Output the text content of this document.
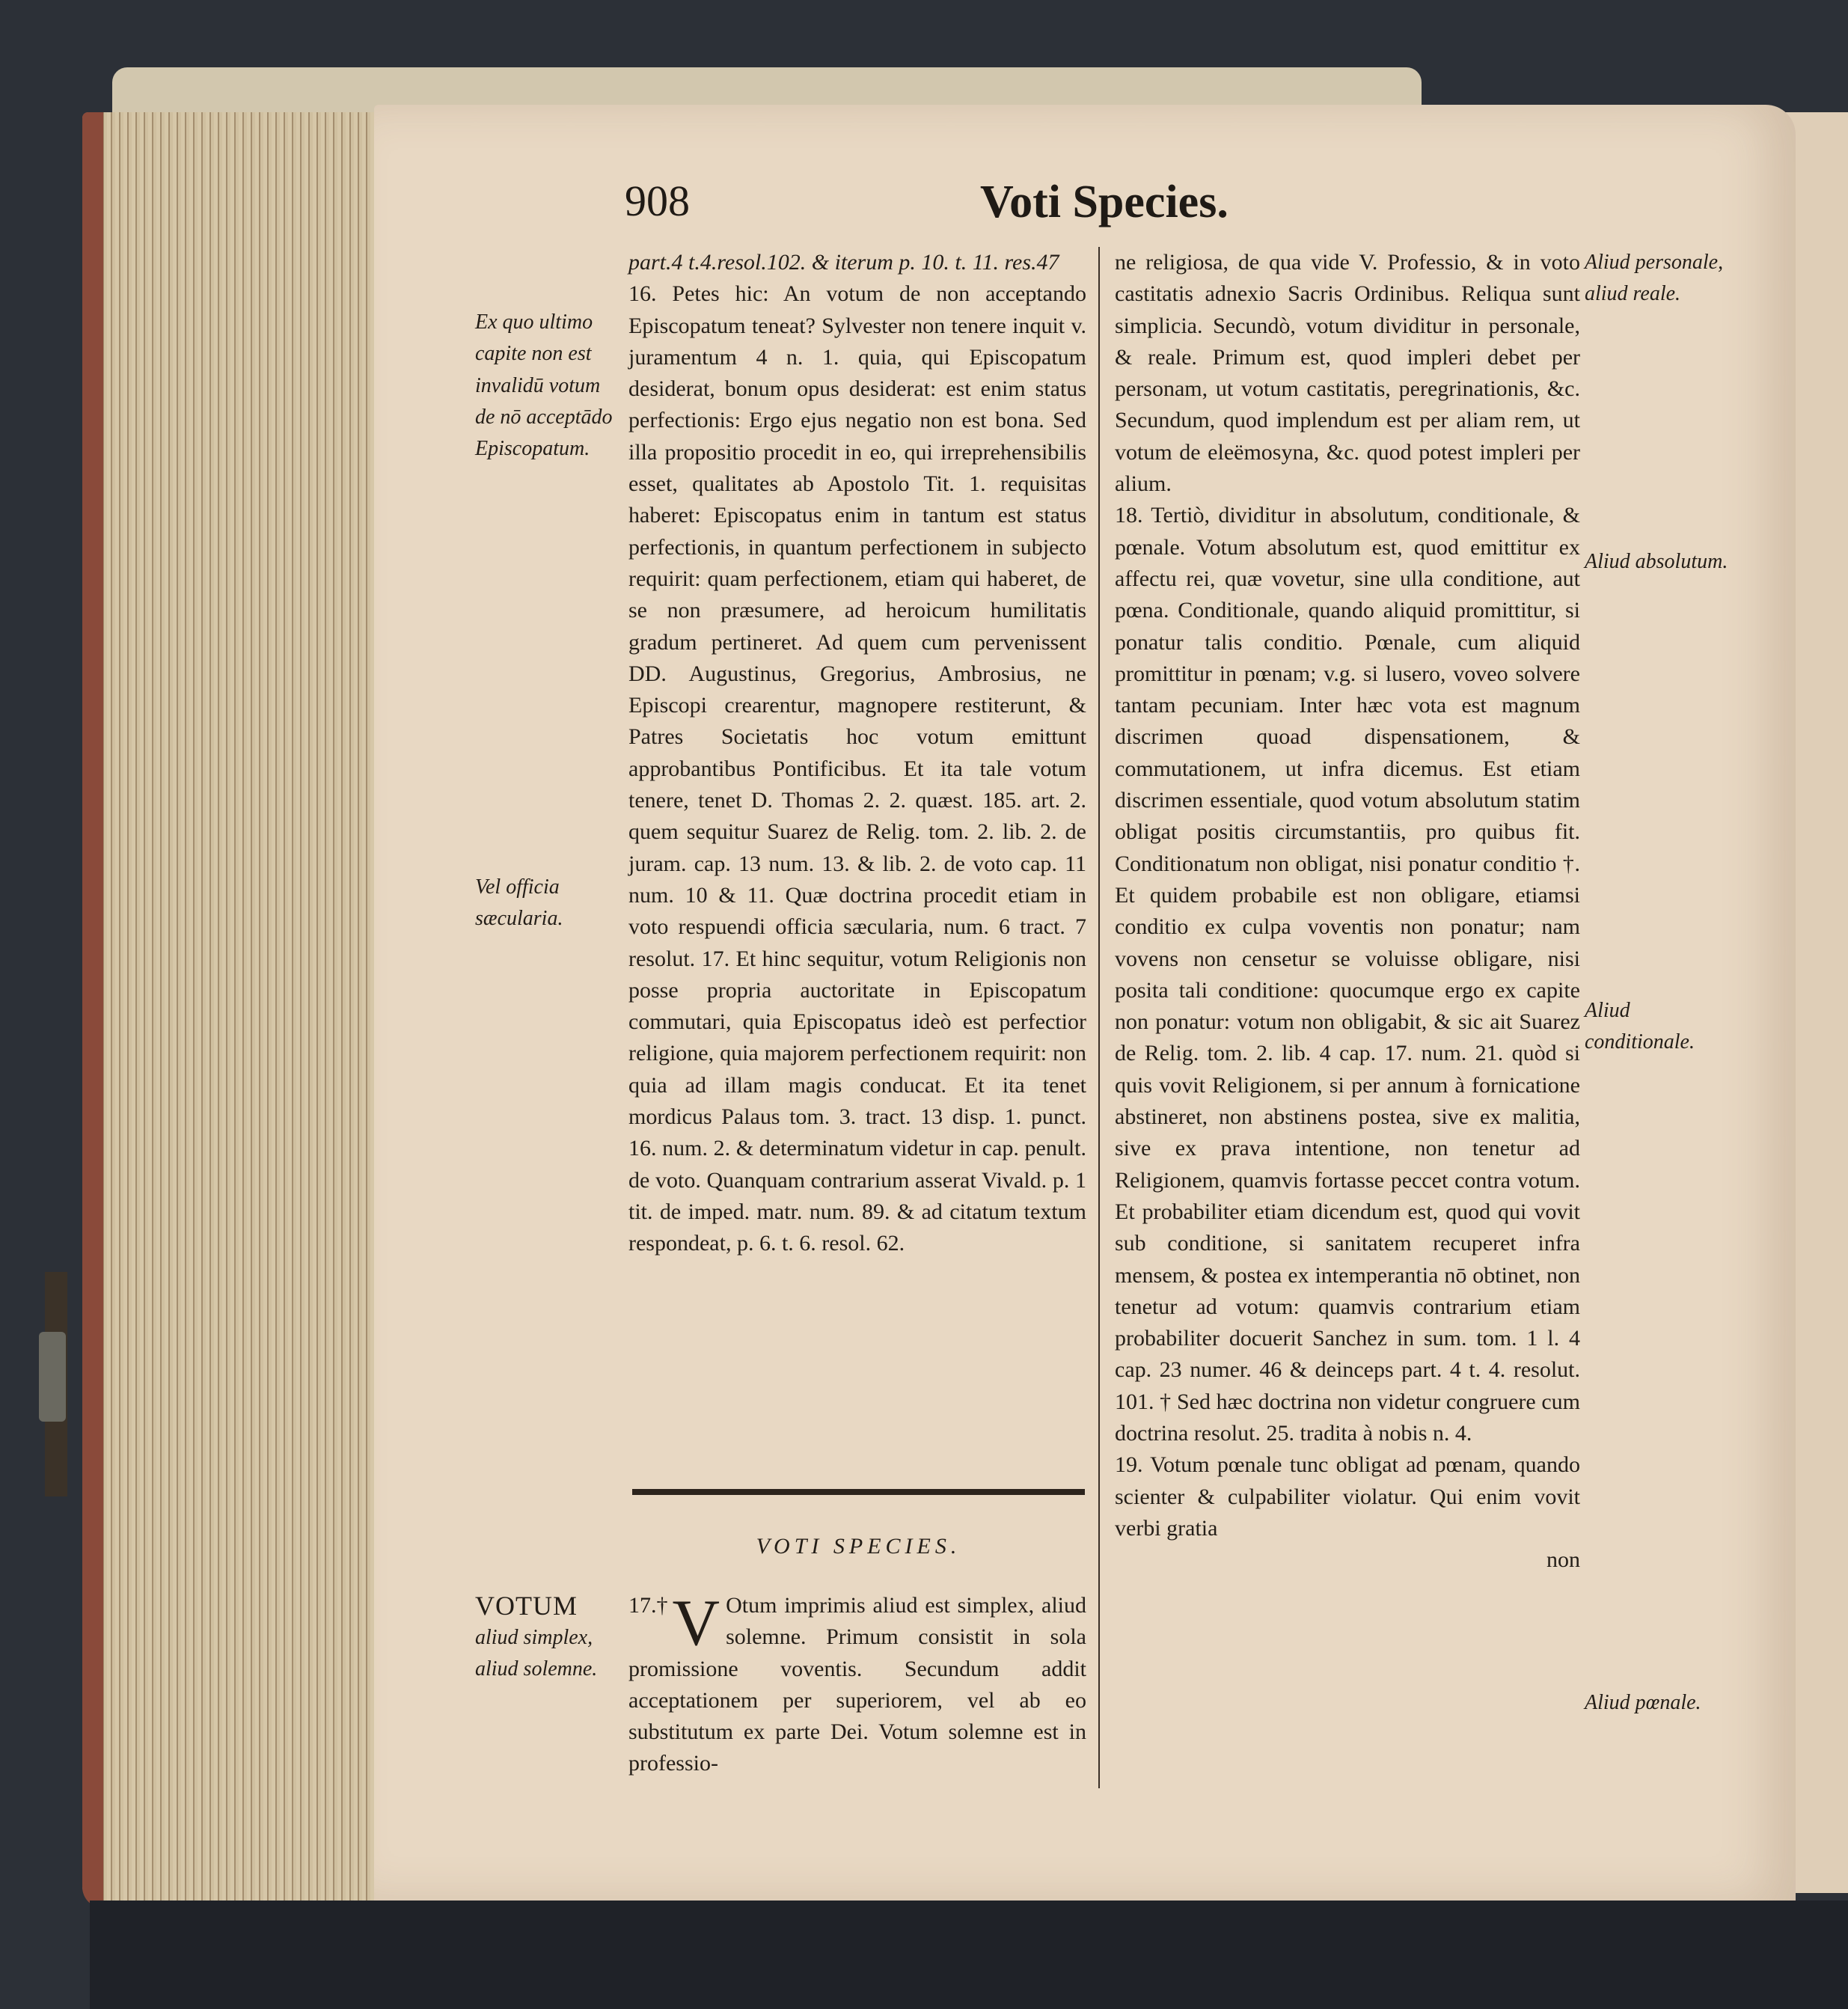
908	Voti Species.
Ex quo ultimo capite non est invalidū votum de nō acceptādo Episcopatum.
Vel officia sæcularia.
VOTUM
aliud simplex, aliud solemne.
Aliud personale, aliud reale.
Aliud absolutum.
Aliud conditionale.
Aliud pœnale.

part.4 t.4.resol.102. & iterum p. 10. t. 11. res.47

16. Petes hic: An votum de non acceptando Episcopatum teneat? Sylvester non tenere inquit v. juramentum 4 n. 1. quia, qui Episcopatum desiderat, bonum opus desiderat: est enim status perfectionis: Ergo ejus negatio non est bona. Sed illa propositio procedit in eo, qui irreprehensibilis esset, qualitates ab Apostolo Tit. 1. requisitas haberet: Episcopatus enim in tantum est status perfectionis, in quantum perfectionem in subjecto requirit: quam perfectionem, etiam qui haberet, de se non præsumere, ad heroicum humilitatis gradum pertineret. Ad quem cum pervenissent DD. Augustinus, Gregorius, Ambrosius, ne Episcopi crearentur, magnopere restiterunt, & Patres Societatis hoc votum emittunt approbantibus Pontificibus. Et ita tale votum tenere, tenet D. Thomas 2. 2. quæst. 185. art. 2. quem sequitur Suarez de Relig. tom. 2. lib. 2. de juram. cap. 13 num. 13. & lib. 2. de voto cap. 11 num. 10 & 11. Quæ doctrina procedit etiam in voto respuendi officia sæcularia, num. 6 tract. 7 resolut. 17. Et hinc sequitur, votum Religionis non posse propria auctoritate in Episcopatum commutari, quia Episcopatus ideò est perfectior religione, quia majorem perfectionem requirit: non quia ad illam magis conducat. Et ita tenet mordicus Palaus tom. 3. tract. 13 disp. 1. punct. 16. num. 2. & determinatum videtur in cap. penult. de voto. Quanquam contrarium asserat Vivald. p. 1 tit. de imped. matr. num. 89. & ad citatum textum respondeat, p. 6. t. 6. resol. 62.

VOTI SPECIES.

17.† V Otum imprimis aliud est simplex, aliud solemne. Primum consistit in sola promissione voventis. Secundum addit acceptationem per superiorem, vel ab eo substitutum ex parte Dei. Votum solemne est in professio-

ne religiosa, de qua vide V. Professio, & in voto castitatis adnexio Sacris Ordinibus. Reliqua sunt simplicia. Secundò, votum dividitur in personale, & reale. Primum est, quod impleri debet per personam, ut votum castitatis, peregrinationis, &c. Secundum, quod implendum est per aliam rem, ut votum de eleëmosyna, &c. quod potest impleri per alium.

18. Tertiò, dividitur in absolutum, conditionale, & pœnale. Votum absolutum est, quod emittitur ex affectu rei, quæ vovetur, sine ulla conditione, aut pœna. Conditionale, quando aliquid promittitur, si ponatur talis conditio. Pœnale, cum aliquid promittitur in pœnam; v.g. si lusero, voveo solvere tantam pecuniam. Inter hæc vota est magnum discrimen quoad dispensationem, & commutationem, ut infra dicemus. Est etiam discrimen essentiale, quod votum absolutum statim obligat positis circumstantiis, pro quibus fit. Conditionatum non obligat, nisi ponatur conditio †. Et quidem probabile est non obligare, etiamsi conditio ex culpa voventis non ponatur; nam vovens non censetur se voluisse obligare, nisi posita tali conditione: quocumque ergo ex capite non ponatur: votum non obligabit, & sic ait Suarez de Relig. tom. 2. lib. 4 cap. 17. num. 21. quòd si quis vovit Religionem, si per annum à fornicatione abstineret, non abstinens postea, sive ex malitia, sive ex prava intentione, non tenetur ad Religionem, quamvis fortasse peccet contra votum. Et probabiliter etiam dicendum est, quod qui vovit sub conditione, si sanitatem recuperet infra mensem, & postea ex intemperantia nō obtinet, non tenetur ad votum: quamvis contrarium etiam probabiliter docuerit Sanchez in sum. tom. 1 l. 4 cap. 23 numer. 46 & deinceps part. 4 t. 4. resolut. 101. † Sed hæc doctrina non videtur congruere cum doctrina resolut. 25. tradita à nobis n. 4.

19. Votum pœnale tunc obligat ad pœnam, quando scienter & culpabiliter violatur. Qui enim vovit verbi gratia

non
